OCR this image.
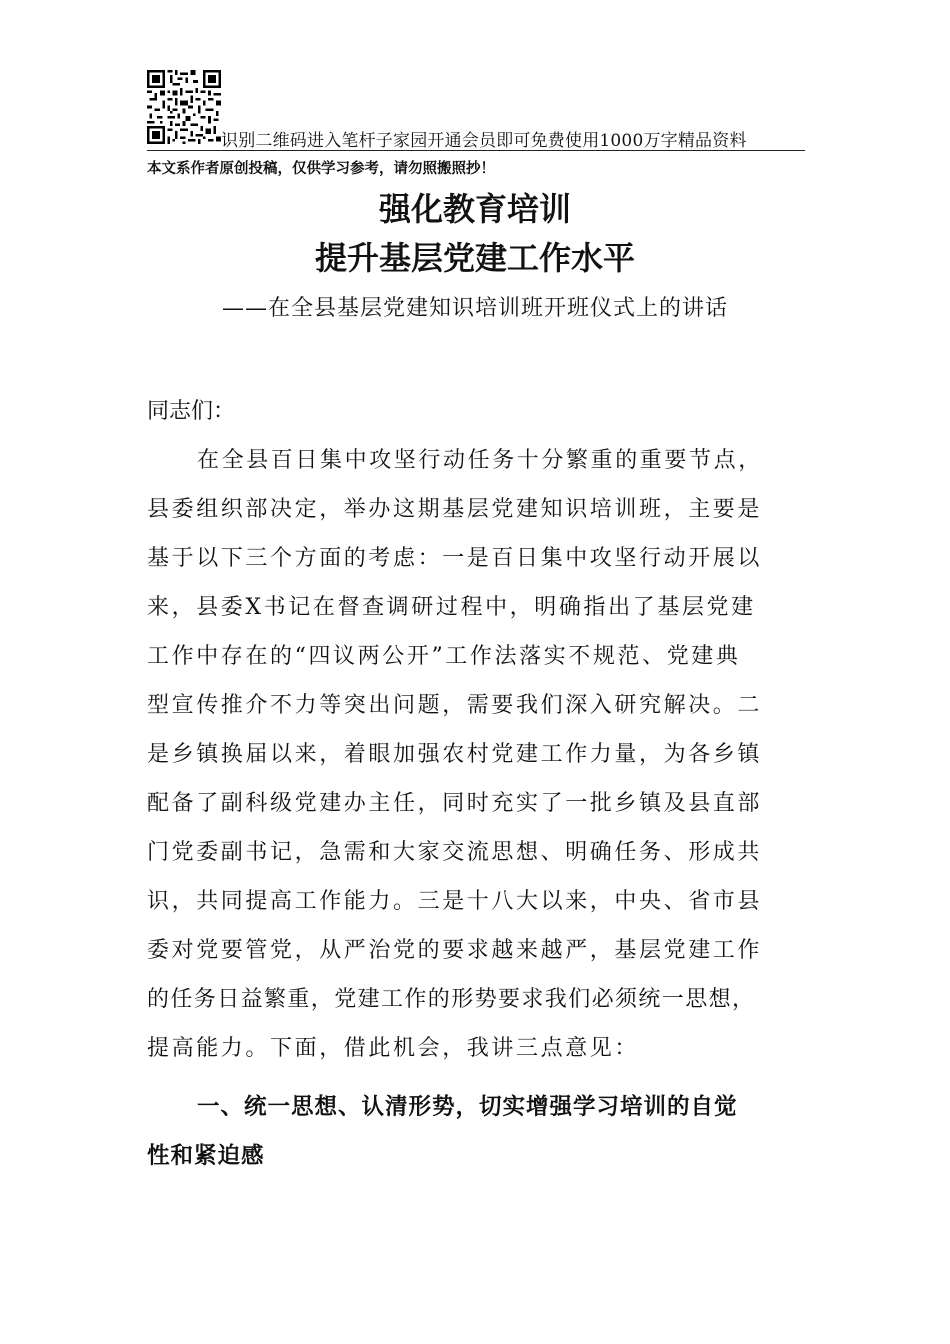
识别二维码进入笔杆子家园开通会员即可免费使用1000万字精品资料
本文系作者原创投稿，仅供学习参考，请勿照搬照抄！
强化教育培训
提升基层党建工作水平
——在全县基层党建知识培训班开班仪式上的讲话
同志们：
在全县百日集中攻坚行动任务十分繁重的重要节点，
县委组织部决定，举办这期基层党建知识培训班，主要是
基于以下三个方面的考虑：一是百日集中攻坚行动开展以
来，县委X书记在督查调研过程中，明确指出了基层党建
工作中存在的“四议两公开”工作法落实不规范、党建典
型宣传推介不力等突出问题，需要我们深入研究解决。二
是乡镇换届以来，着眼加强农村党建工作力量，为各乡镇
配备了副科级党建办主任，同时充实了一批乡镇及县直部
门党委副书记，急需和大家交流思想、明确任务、形成共
识，共同提高工作能力。三是十八大以来，中央、省市县
委对党要管党，从严治党的要求越来越严，基层党建工作
的任务日益繁重，党建工作的形势要求我们必须统一思想，
提高能力。下面，借此机会，我讲三点意见：
一、统一思想、认清形势，切实增强学习培训的自觉
性和紧迫感
